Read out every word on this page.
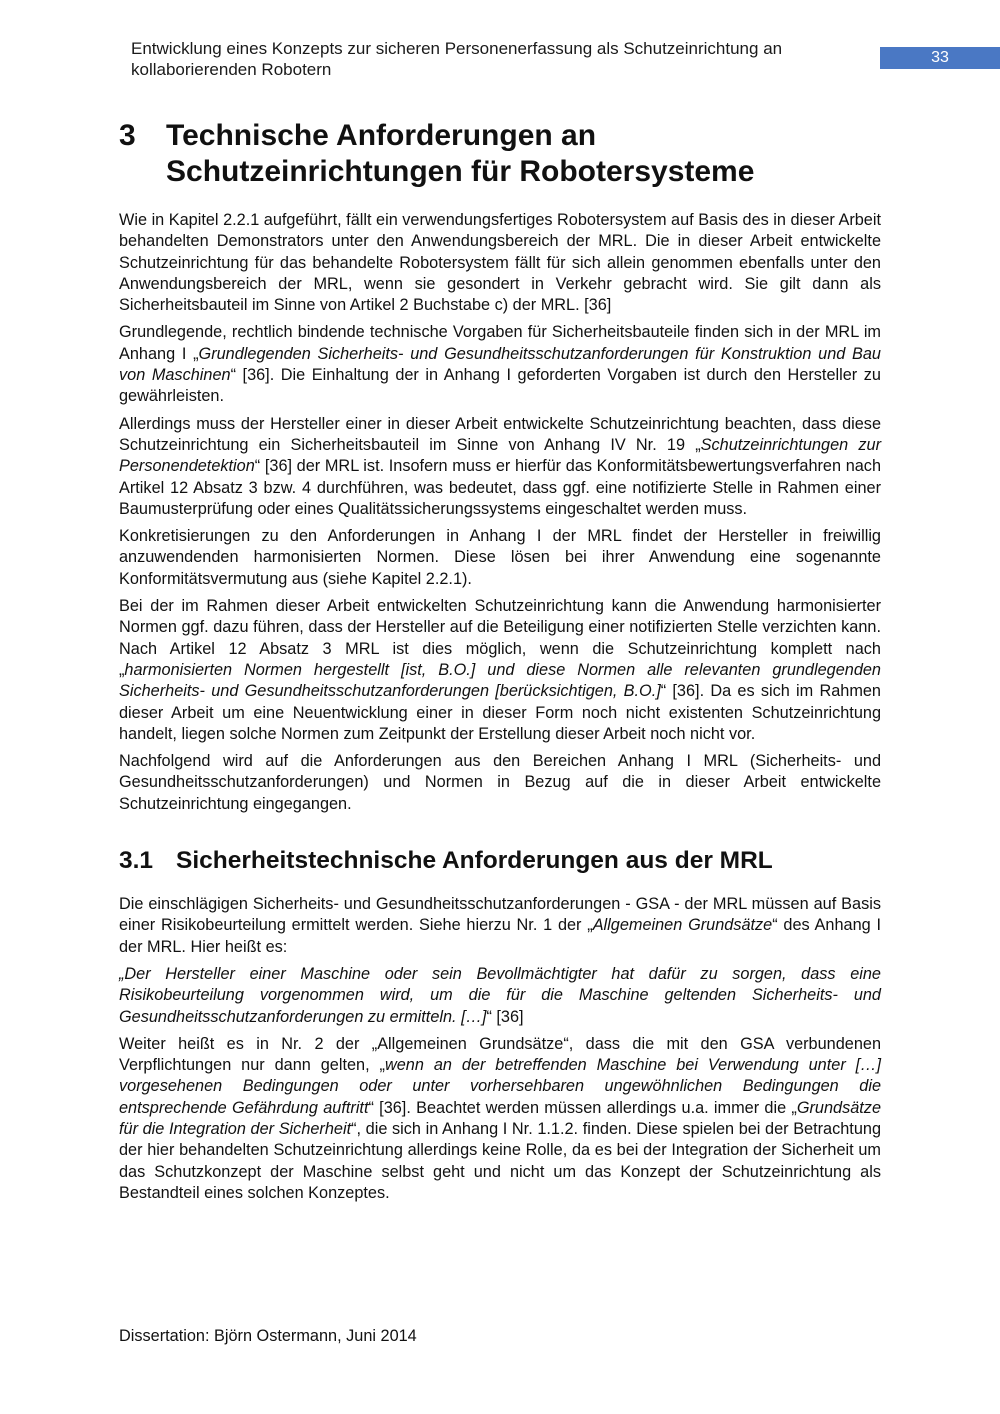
Entwicklung eines Konzepts zur sicheren Personenerfassung als Schutzeinrichtung an kollaborierenden Robotern
33
3	Technische Anforderungen an Schutzeinrichtungen für Robotersysteme

Wie in Kapitel 2.2.1 aufgeführt, fällt ein verwendungsfertiges Robotersystem auf Basis des in dieser Arbeit behandelten Demonstrators unter den Anwendungsbereich der MRL. Die in dieser Arbeit entwickelte Schutzeinrichtung für das behandelte Robotersystem fällt für sich allein genommen ebenfalls unter den Anwendungsbereich der MRL, wenn sie gesondert in Verkehr gebracht wird. Sie gilt dann als Sicherheitsbauteil im Sinne von Artikel 2 Buchstabe c) der MRL. [36]

Grundlegende, rechtlich bindende technische Vorgaben für Sicherheitsbauteile finden sich in der MRL im Anhang I „Grundlegenden Sicherheits- und Gesundheitsschutzanforderungen für Konstruktion und Bau von Maschinen“ [36]. Die Einhaltung der in Anhang I geforderten Vorgaben ist durch den Hersteller zu gewährleisten.

Allerdings muss der Hersteller einer in dieser Arbeit entwickelte Schutzeinrichtung beachten, dass diese Schutzeinrichtung ein Sicherheitsbauteil im Sinne von Anhang IV Nr. 19 „Schutzeinrichtungen zur Personendetektion“ [36] der MRL ist. Insofern muss er hierfür das Konformitätsbewertungsverfahren nach Artikel 12 Absatz 3 bzw. 4 durchführen, was bedeutet, dass ggf. eine notifizierte Stelle in Rahmen einer Baumusterprüfung oder eines Qualitätssicherungssystems eingeschaltet werden muss.

Konkretisierungen zu den Anforderungen in Anhang I der MRL findet der Hersteller in freiwillig anzuwendenden harmonisierten Normen. Diese lösen bei ihrer Anwendung eine sogenannte Konformitätsvermutung aus (siehe Kapitel 2.2.1).

Bei der im Rahmen dieser Arbeit entwickelten Schutzeinrichtung kann die Anwendung harmonisierter Normen ggf. dazu führen, dass der Hersteller auf die Beteiligung einer notifizierten Stelle verzichten kann. Nach Artikel 12 Absatz 3 MRL ist dies möglich, wenn die Schutzeinrichtung komplett nach „harmonisierten Normen hergestellt [ist, B.O.] und diese Normen alle relevanten grundlegenden Sicherheits- und Gesundheitsschutzanforderungen [berücksichtigen, B.O.]“ [36]. Da es sich im Rahmen dieser Arbeit um eine Neuentwicklung einer in dieser Form noch nicht existenten Schutzeinrichtung handelt, liegen solche Normen zum Zeitpunkt der Erstellung dieser Arbeit noch nicht vor.

Nachfolgend wird auf die Anforderungen aus den Bereichen Anhang I MRL (Sicherheits- und Gesundheitsschutzanforderungen) und Normen in Bezug auf die in dieser Arbeit entwickelte Schutzeinrichtung eingegangen.

3.1 Sicherheitstechnische Anforderungen aus der MRL

Die einschlägigen Sicherheits- und Gesundheitsschutzanforderungen - GSA - der MRL müssen auf Basis einer Risikobeurteilung ermittelt werden. Siehe hierzu Nr. 1 der „Allgemeinen Grundsätze“ des Anhang I der MRL. Hier heißt es:

„Der Hersteller einer Maschine oder sein Bevollmächtigter hat dafür zu sorgen, dass eine Risikobeurteilung vorgenommen wird, um die für die Maschine geltenden Sicherheits- und Gesundheitsschutzanforderungen zu ermitteln. […]“ [36]

Weiter heißt es in Nr. 2 der „Allgemeinen Grundsätze“, dass die mit den GSA verbundenen Verpflichtungen nur dann gelten, „wenn an der betreffenden Maschine bei Verwendung unter […] vorgesehenen Bedingungen oder unter vorhersehbaren ungewöhnlichen Bedingungen die entsprechende Gefährdung auftritt“ [36]. Beachtet werden müssen allerdings u.a. immer die „Grundsätze für die Integration der Sicherheit“, die sich in Anhang I Nr. 1.1.2. finden. Diese spielen bei der Betrachtung der hier behandelten Schutzeinrichtung allerdings keine Rolle, da es bei der Integration der Sicherheit um das Schutzkonzept der Maschine selbst geht und nicht um das Konzept der Schutzeinrichtung als Bestandteil eines solchen Konzeptes.

Dissertation: Björn Ostermann, Juni 2014
